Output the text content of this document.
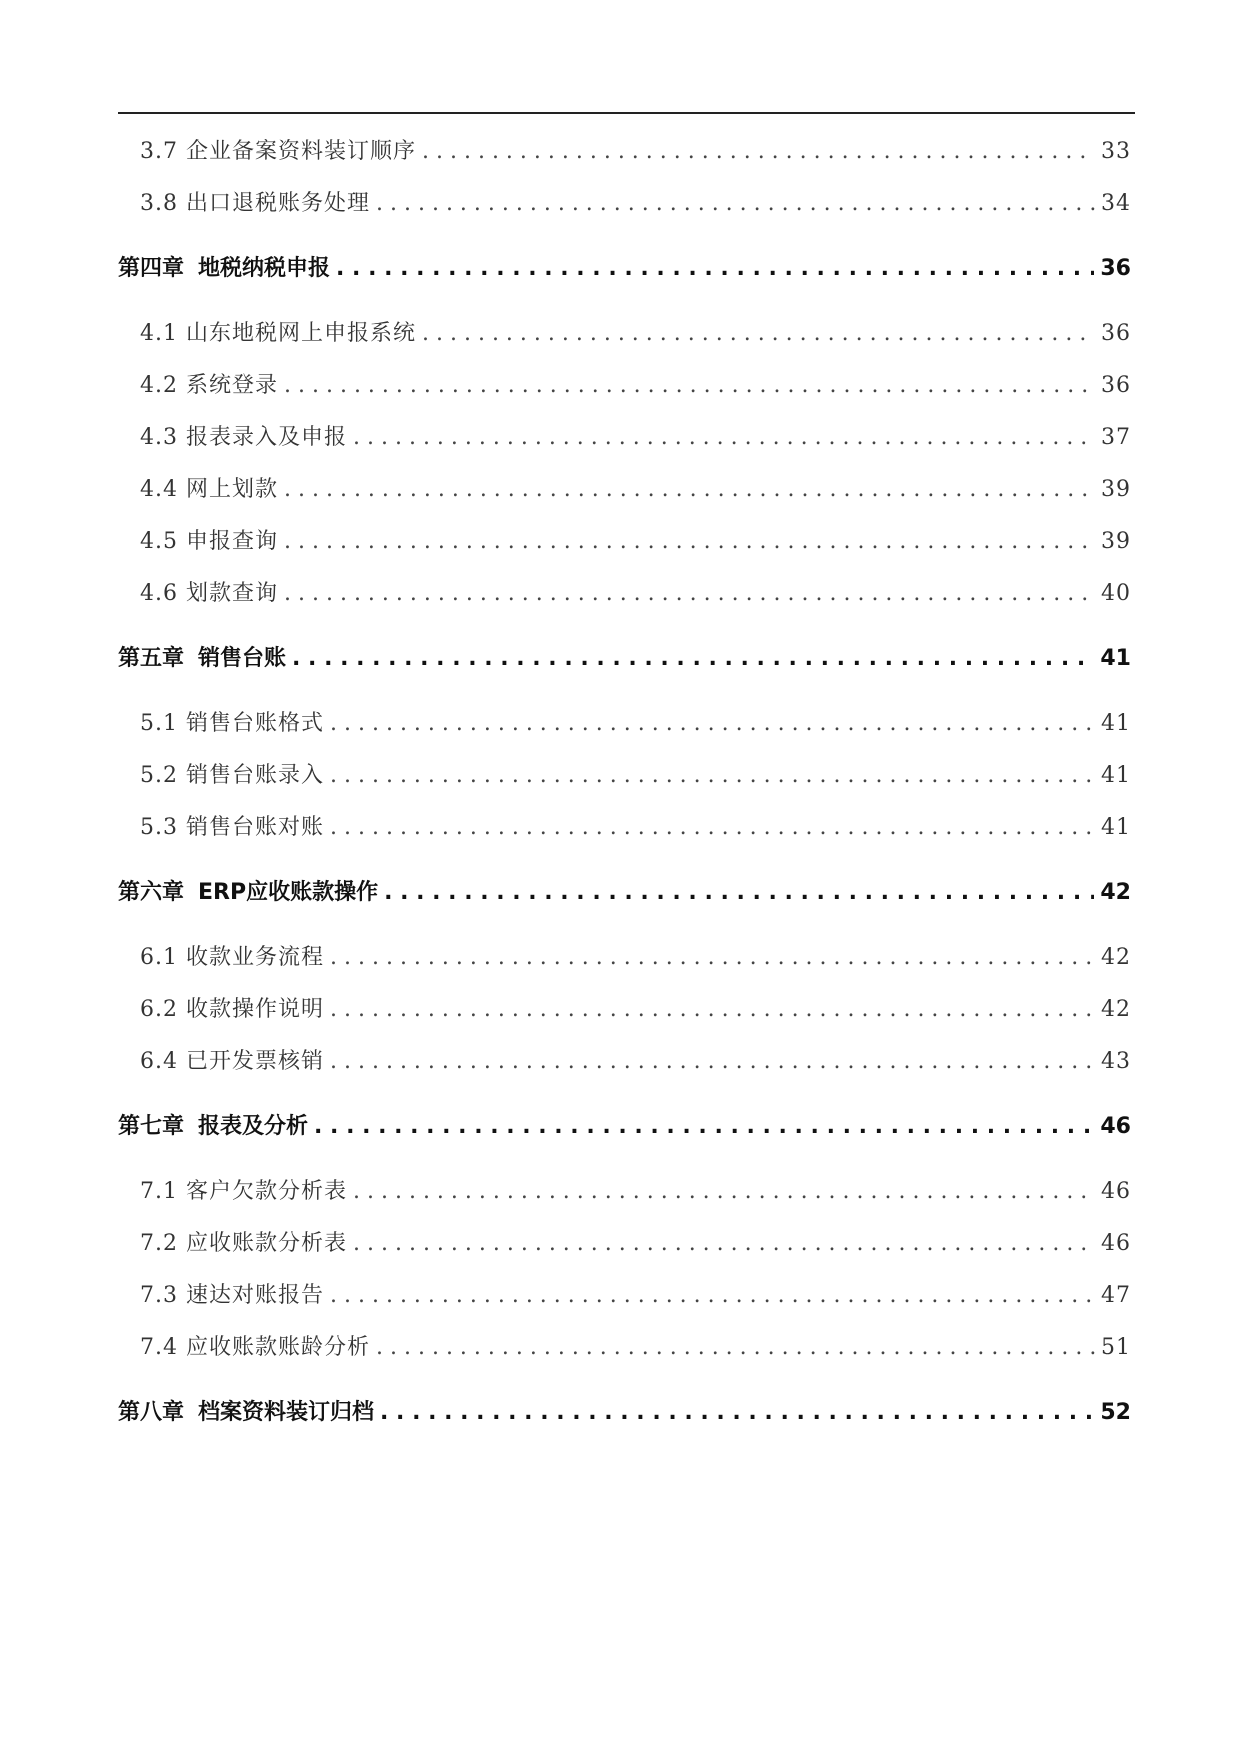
3.7 企业备案资料装订顺序 . . .	33
3.8 出口退税账务处理 . . .	34
第四章 地税纳税申报 . . .	36
4.1 山东地税网上申报系统 . . .	36
4.2 系统登录 . . .	36
4.3 报表录入及申报 . . .	37
4.4 网上划款 . . .	39
4.5 申报查询 . . .	39
4.6 划款查询 . . .	40
第五章 销售台账 . . .	41
5.1 销售台账格式 . . .	41
5.2 销售台账录入 . . .	41
5.3 销售台账对账 . . .	41
第六章 ERP应收账款操作 . . .	42
6.1 收款业务流程 . . .	42
6.2 收款操作说明 . . .	42
6.4 已开发票核销 . . .	43
第七章 报表及分析 . . .	46
7.1 客户欠款分析表 . . .	46
7.2 应收账款分析表 . . .	46
7.3 速达对账报告 . . .	47
7.4 应收账款账龄分析 . . .	51
第八章 档案资料装订归档 . . .	52
